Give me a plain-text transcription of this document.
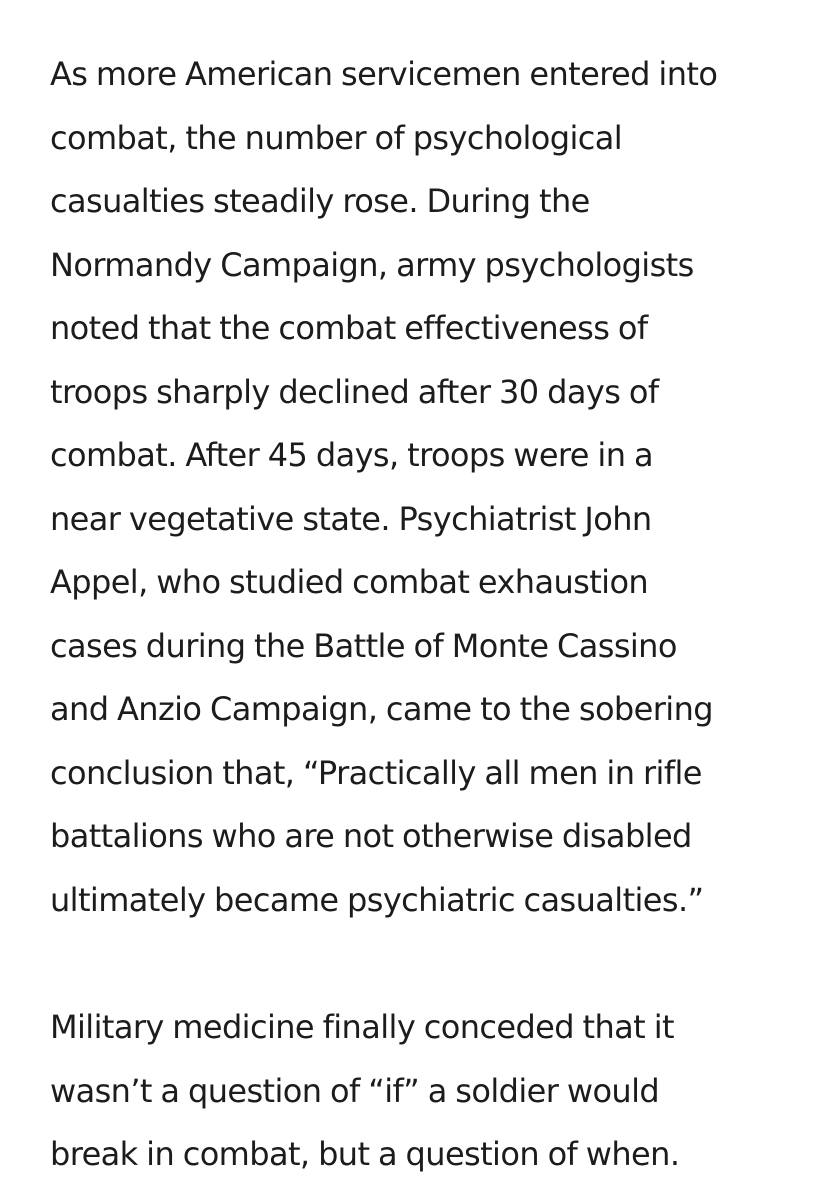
As more American servicemen entered into
combat, the number of psychological
casualties steadily rose. During the
Normandy Campaign, army psychologists
noted that the combat effectiveness of
troops sharply declined after 30 days of
combat. After 45 days, troops were in a
near vegetative state. Psychiatrist John
Appel, who studied combat exhaustion
cases during the Battle of Monte Cassino
and Anzio Campaign, came to the sobering
conclusion that, “Practically all men in rifle
battalions who are not otherwise disabled
ultimately became psychiatric casualties.”
Military medicine finally conceded that it
wasn’t a question of “if” a soldier would
break in combat, but a question of when.
